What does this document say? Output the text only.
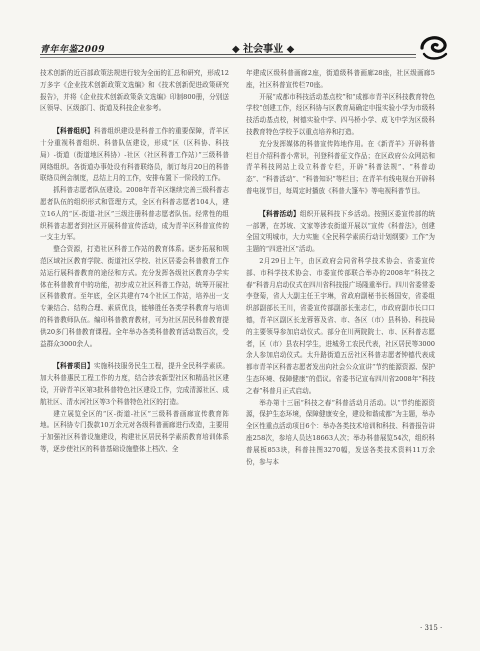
青年年鉴2009	◆ 社会事业 ◆

技术创新的近百部政策法规进行较为全面的汇总和研究，形成12万多字《企业技术创新政策文选编》和《技术创新促进政策研究报告》，并将《企业技术创新政策条文选编》印制800册，分别送区领导、区级部门、街道及科技企业参考。

【科普组织】科普组织建设是科普工作的重要保障，青羊区十分重视科普组织、科普队伍建设，形成“区（区科协、科技局）-街道（街道地区科协）-社区（社区科普工作站）”三级科普网络组织。各街道办事处设有科普联络员，制订每月20日的科普联络员例会制度，总结上月的工作，安排布置下一阶段的工作。

抓科普志愿者队伍建设。2008年青羊区继续完善三级科普志愿者队伍的组织形式和管理方式，全区有科普志愿者104人，建立16人的“区-街道-社区”三级注册科普志愿者队伍。经常性的组织科普志愿者到社区开展科普宣传活动，成为青羊区科普宣传的一支主力军。

整合资源，打造社区科普工作站的教育体系。逐步拓展和规范区域社区教育学院、街道社区学校、社区居委会科普教育工作站运行展科普教育的途径和方式。充分发挥各级社区教育办学实体在科普教育中的功能，初步成立社区科普工作站，统筹开展社区科普教育。至年底，全区共建有74个社区工作站，培养出一支专兼结合、结构合理、素质优良，能够胜任各类学科教育与培训的科普教师队伍。编印科普教育教材，可为社区居民科普教育提供20多门科普教育课程。全年举办各类科普教育活动数百次，受益群众3000余人。

【科普项目】实施科技服务民生工程，提升全民科学素质。加大科普惠民工程工作的力度，结合涉农新型社区和精品社区建设，开辟青羊区第3批科普特色社区建设工作，完成清源社区、成航社区、清水河社区等3个科普特色社区的打造。

建立展览全区的“区-街道-社区”三级科普画廊宣传教育阵地。区科协专门拨款10万余元对各级科普画廊进行改造，主要用于加强社区科普设施建设，构建社区居民科学素质教育培训体系等，逐步使社区的科普基础设施整体上档次、全

年建成区级科普画廊2座，街道级科普画廊28座，社区级画廊5座，社区科普宣传栏70座。

开展“成都市科技活动基点校”和“成都市青羊区科技教育特色学校”创建工作，经区科协与区教育局确定申报实验小学为市级科技活动基点校，树德实验中学、四马桥小学、成飞中学为区级科技教育特色学校予以重点培养和打造。

充分发挥媒体的科普宣传阵地作用。在《新青羊》开辟科普栏目介绍科普小常识，刊登科普征文作品；在区政府公众网站和青羊科技网站上设立科普专栏，开辟“科普法规”、“科普动态”、“科普活动”、“科普知识”等栏目；在青羊有线电视台开辟科普电视节目，每周定时播放《科普大篷车》等电视科普节目。

【科普活动】组织开展科技下乡活动。按照区委宣传部的统一部署，在苏坡、文家等涉农街道开展以“宣传《科普法》，创建全国文明城市，大力实施《全民科学素质行动计划纲要》工作”为主题的“四进社区”活动。

2月29日上午，由区政府会同省科学技术协会、省委宣传部、市科学技术协会、市委宣传部联合举办的2008年“科技之春”科普月启动仪式在四川省科技报广场隆重举行。四川省委常委李登菊，省人大副主任王宇琳，省政府副秘书长杨国安，省委组织部副部长王川，省委宣传部副部长张志仁，市政府副市长口口德，青羊区副区长龙蓉蓉及省、市、各区（市）县科协、科技局的主要领导参加启动仪式。部分在川两院院士、市、区科普志愿者，区（市）县农村学生，进城务工农民代表，社区居民等3000余人参加启动仪式。太升路街道五岳社区科普志愿者钟德代表成都市青羊区科普志愿者发出向社会公众宣讲“节约能源资源、保护生态环境、保障健康”的倡议。省委书记宣布四川省2008年“科技之春”科普月正式启动。

举办第十三届“科技之春”科普活动月活动。以“节约能源资源，保护生态环境，保障健康安全，建设和谐成都”为主题，举办全区性重点活动项目6个：举办各类技术培训和科技、科普报告讲座258次，参培人员达18663人次；举办科普展览54次，组织科普展板853块，科普挂图3270幅，发送各类技术资料11万余份，参与本

· 315 ·
